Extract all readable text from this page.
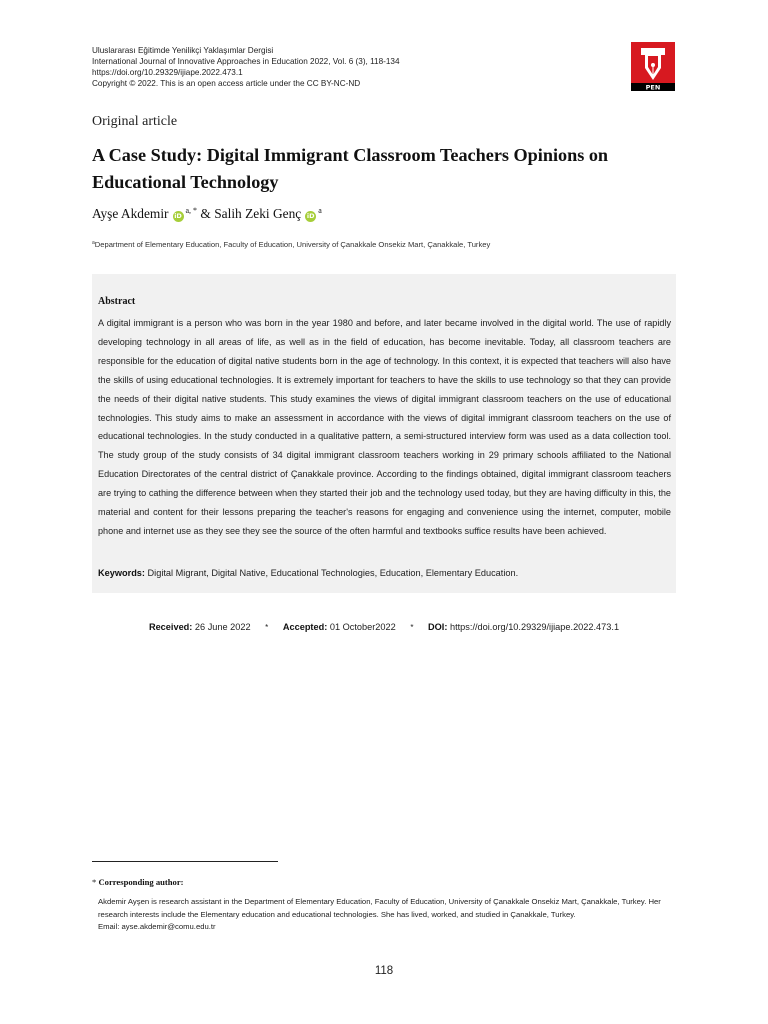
Uluslararası Eğitimde Yenilikçi Yaklaşımlar Dergisi
International Journal of Innovative Approaches in Education 2022, Vol. 6 (3), 118-134
https://doi.org/10.29329/ijiape.2022.473.1
Copyright © 2022. This is an open access article under the CC BY-NC-ND	PEN
Original article
A Case Study: Digital Immigrant Classroom Teachers Opinions on Educational Technology
Ayşe Akdemir $iD^{a, *}$ & Salih Zeki Genç $iD^a$
$^a$Department of Elementary Education, Faculty of Education, University of Çanakkale Onsekiz Mart, Çanakkale, Turkey
Abstract
A digital immigrant is a person who was born in the year 1980 and before, and later became involved in the digital world. The use of rapidly developing technology in all areas of life, as well as in the field of education, has become inevitable. Today, all classroom teachers are responsible for the education of digital native students born in the age of technology. In this context, it is expected that teachers will also have the skills of using educational technologies. It is extremely important for teachers to have the skills to use technology so that they can provide the needs of their digital native students. This study examines the views of digital immigrant classroom teachers on the use of educational technologies. This study aims to make an assessment in accordance with the views of digital immigrant classroom teachers on the use of educational technologies. In the study conducted in a qualitative pattern, a semi-structured interview form was used as a data collection tool. The study group of the study consists of 34 digital immigrant classroom teachers working in 29 primary schools affiliated to the National Education Directorates of the central district of Çanakkale province. According to the findings obtained, digital immigrant classroom teachers are trying to cathing the difference between when they started their job and the technology used today, but they are having difficulty in this, the material and content for their lessons preparing the teacher's reasons for engaging and convenience using the internet, computer, mobile phone and internet use as they see they see the source of the often harmful and textbooks suffice results have been achieved.
Keywords: Digital Migrant, Digital Native, Educational Technologies, Education, Elementary Education.
Received: 26 June 2022 * Accepted: 01 October2022 * DOI: https://doi.org/10.29329/ijiape.2022.473.1
* Corresponding author:
Akdemir Ayşen is research assistant in the Department of Elementary Education, Faculty of Education, University of Çanakkale Onsekiz Mart, Çanakkale, Turkey. Her research interests include the Elementary education and educational technologies. She has lived, worked, and studied in Çanakkale, Turkey.
Email: ayse.akdemir@comu.edu.tr
118
